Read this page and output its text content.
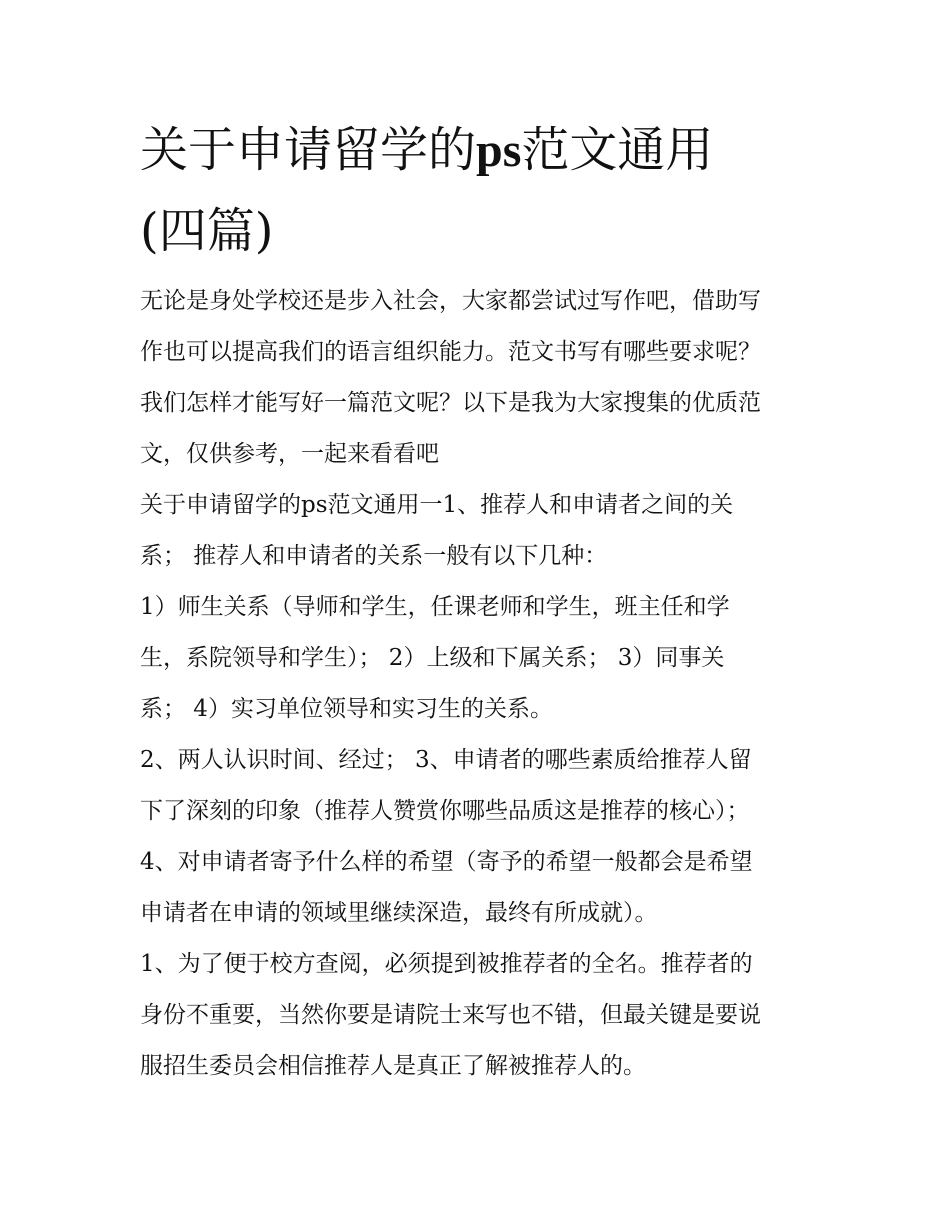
关于申请留学的ps范文通用
(四篇)
无论是身处学校还是步入社会，大家都尝试过写作吧，借助写
作也可以提高我们的语言组织能力。范文书写有哪些要求呢？
我们怎样才能写好一篇范文呢？以下是我为大家搜集的优质范
文，仅供参考，一起来看看吧
关于申请留学的ps范文通用一1、推荐人和申请者之间的关
系； 推荐人和申请者的关系一般有以下几种：
1）师生关系（导师和学生，任课老师和学生，班主任和学
生，系院领导和学生）； 2）上级和下属关系； 3）同事关
系； 4）实习单位领导和实习生的关系。
2、两人认识时间、经过； 3、申请者的哪些素质给推荐人留
下了深刻的印象（推荐人赞赏你哪些品质这是推荐的核心）；
4、对申请者寄予什么样的希望（寄予的希望一般都会是希望
申请者在申请的领域里继续深造，最终有所成就）。
1、为了便于校方查阅，必须提到被推荐者的全名。推荐者的
身份不重要，当然你要是请院士来写也不错，但最关键是要说
服招生委员会相信推荐人是真正了解被推荐人的。
